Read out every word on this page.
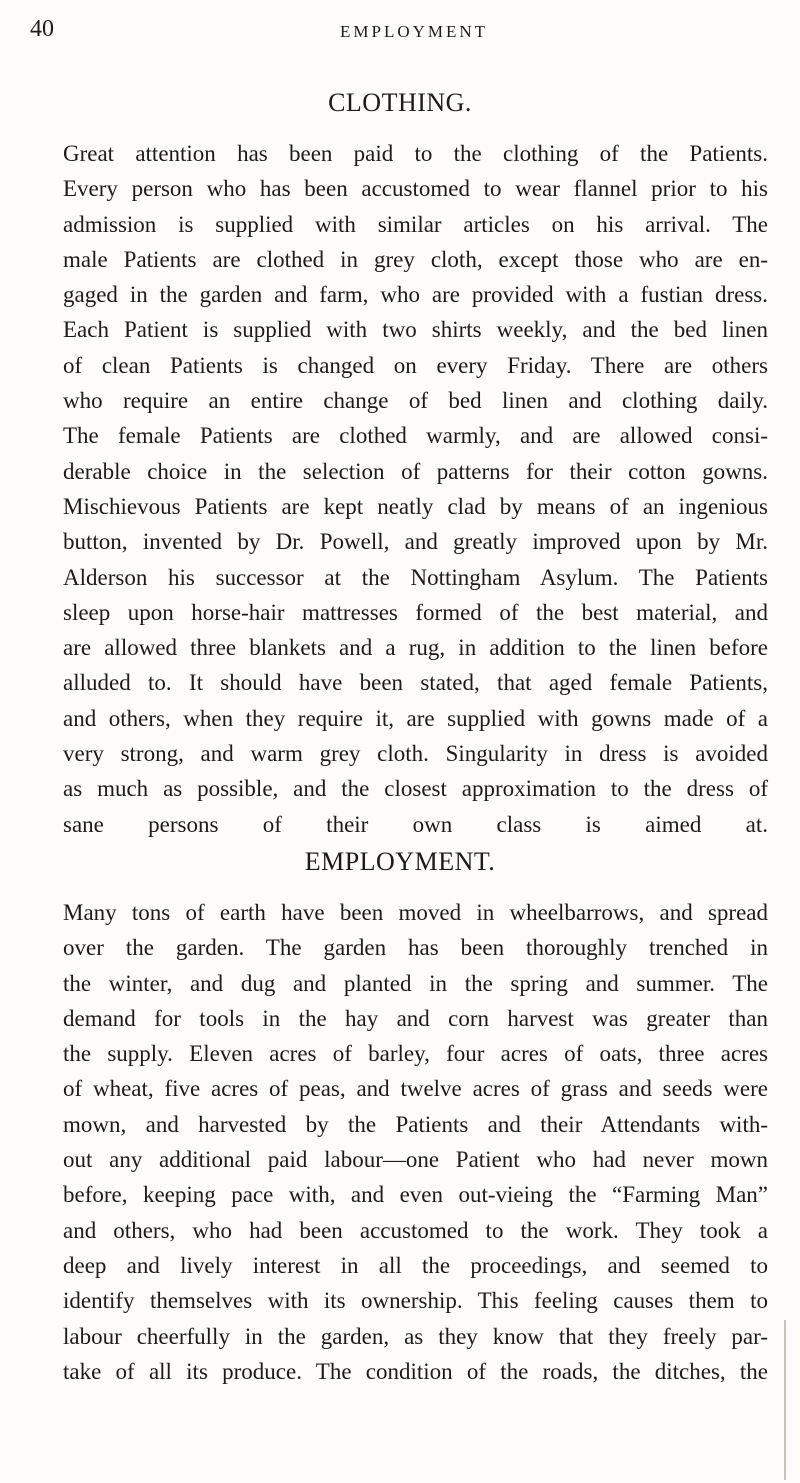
40	EMPLOYMENT
CLOTHING.

Great attention has been paid to the clothing of the Patients.
Every person who has been accustomed to wear flannel prior to his
admission is supplied with similar articles on his arrival. The
male Patients are clothed in grey cloth, except those who are en-
gaged in the garden and farm, who are provided with a fustian dress.
Each Patient is supplied with two shirts weekly, and the bed linen
of clean Patients is changed on every Friday. There are others
who require an entire change of bed linen and clothing daily.
The female Patients are clothed warmly, and are allowed consi-
derable choice in the selection of patterns for their cotton gowns.
Mischievous Patients are kept neatly clad by means of an ingenious
button, invented by Dr. Powell, and greatly improved upon by Mr.
Alderson his successor at the Nottingham Asylum. The Patients
sleep upon horse-hair mattresses formed of the best material, and
are allowed three blankets and a rug, in addition to the linen before
alluded to. It should have been stated, that aged female Patients,
and others, when they require it, are supplied with gowns made of a
very strong, and warm grey cloth. Singularity in dress is avoided
as much as possible, and the closest approximation to the dress of
sane persons of their own class is aimed at.

EMPLOYMENT.

Many tons of earth have been moved in wheelbarrows, and spread
over the garden. The garden has been thoroughly trenched in
the winter, and dug and planted in the spring and summer. The
demand for tools in the hay and corn harvest was greater than
the supply. Eleven acres of barley, four acres of oats, three acres
of wheat, five acres of peas, and twelve acres of grass and seeds were
mown, and harvested by the Patients and their Attendants with-
out any additional paid labour—one Patient who had never mown
before, keeping pace with, and even out-vieing the “Farming Man”
and others, who had been accustomed to the work. They took a
deep and lively interest in all the proceedings, and seemed to
identify themselves with its ownership. This feeling causes them to
labour cheerfully in the garden, as they know that they freely par-
take of all its produce. The condition of the roads, the ditches, the
